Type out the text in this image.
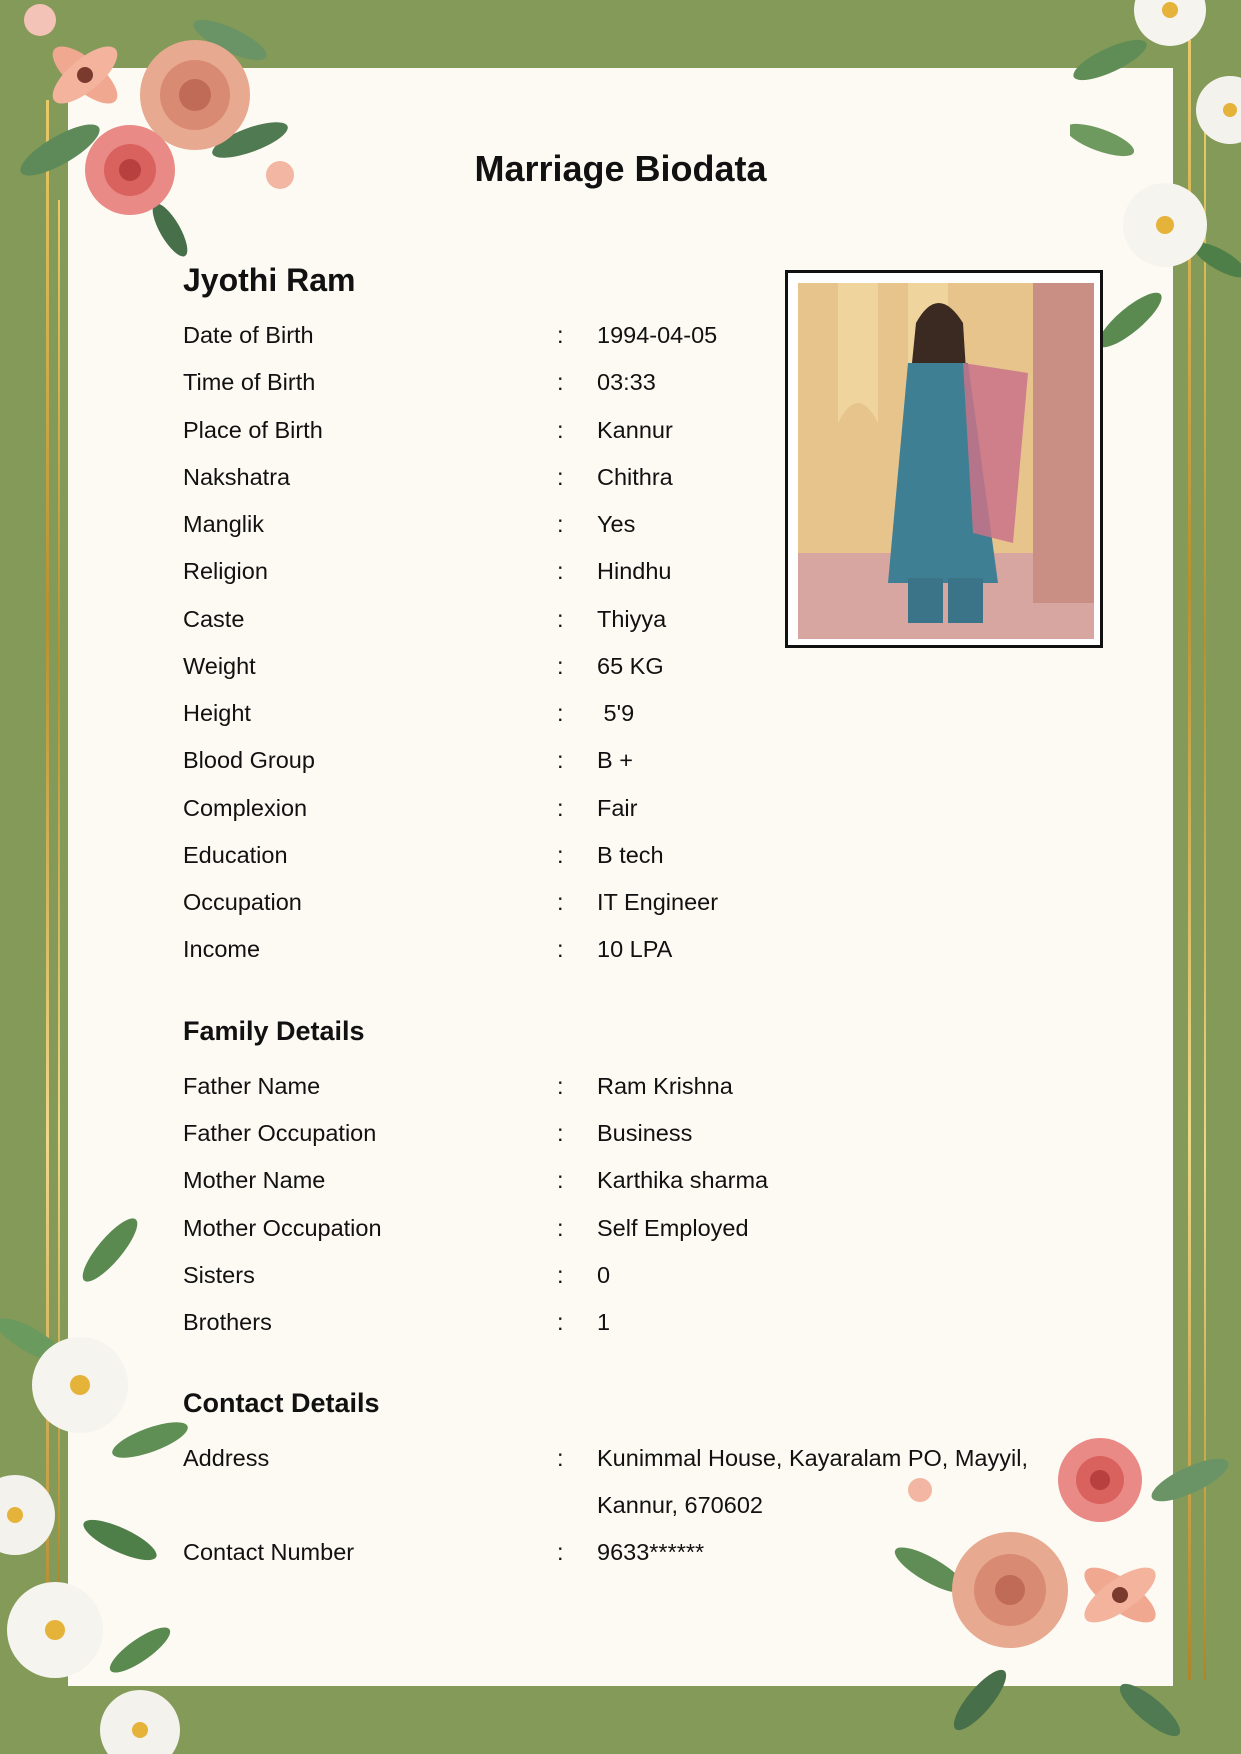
Marriage Biodata
Jyothi Ram
Date of Birth	: 1994-04-05
Time of Birth	: 03:33
Place of Birth	: Kannur
Nakshatra	: Chithra
Manglik	: Yes
Religion	: Hindhu
Caste	: Thiyya
Weight	: 65 KG
Height	: 5'9
Blood Group	: B +
Complexion	: Fair
Education	: B tech
Occupation	: IT Engineer
Income	: 10 LPA
Family Details
Father Name	: Ram Krishna
Father Occupation	: Business
Mother Name	: Karthika sharma
Mother Occupation	: Self Employed
Sisters	: 0
Brothers	: 1
Contact Details
Address	: Kunimmal House, Kayaralam PO, Mayyil,
Kannur, 670602
Contact Number	: 9633******
